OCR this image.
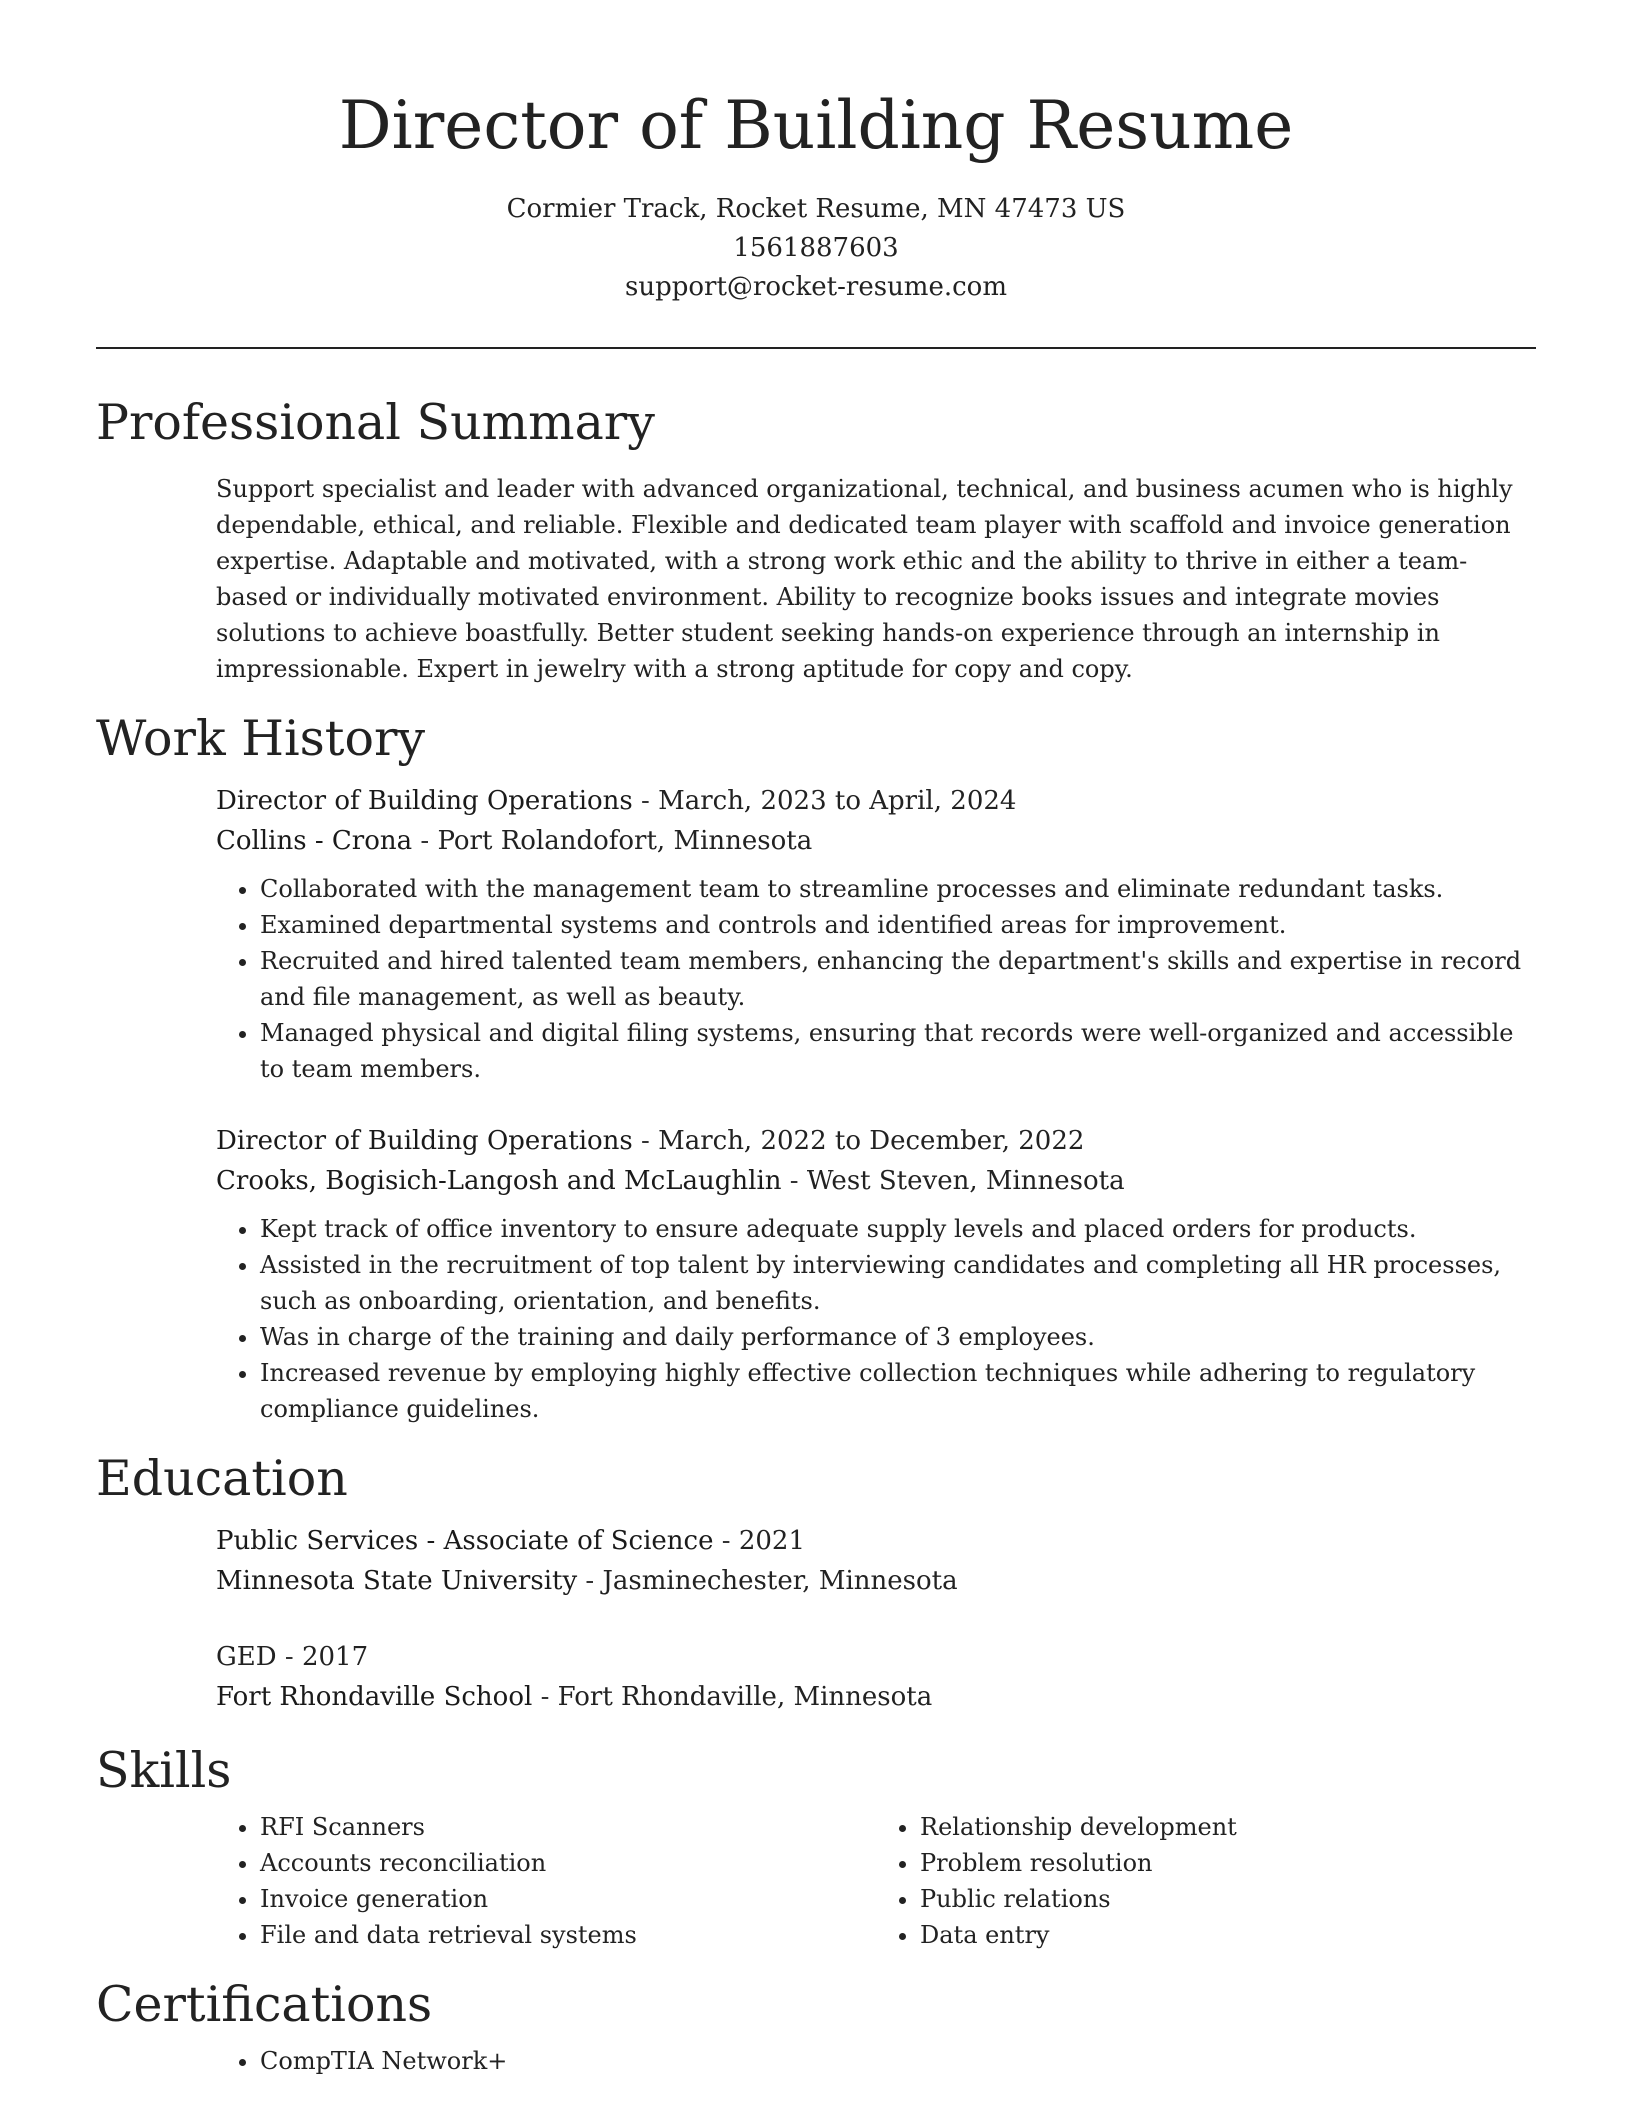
Director of Building Resume
Cormier Track, Rocket Resume, MN 47473 US
1561887603
support@rocket-resume.com
Professional Summary

Support specialist and leader with advanced organizational, technical, and business acumen who is highly dependable, ethical, and reliable. Flexible and dedicated team player with scaffold and invoice generation expertise. Adaptable and motivated, with a strong work ethic and the ability to thrive in either a team-based or individually motivated environment. Ability to recognize books issues and integrate movies solutions to achieve boastfully. Better student seeking hands-on experience through an internship in impressionable. Expert in jewelry with a strong aptitude for copy and copy.

Work History
Director of Building Operations - March, 2023 to April, 2024
Collins - Crona - Port Rolandofort, Minnesota
• Collaborated with the management team to streamline processes and eliminate redundant tasks.
• Examined departmental systems and controls and identified areas for improvement.
• Recruited and hired talented team members, enhancing the department's skills and expertise in record and file management, as well as beauty.
• Managed physical and digital filing systems, ensuring that records were well-organized and accessible to team members.
Director of Building Operations - March, 2022 to December, 2022
Crooks, Bogisich-Langosh and McLaughlin - West Steven, Minnesota
• Kept track of office inventory to ensure adequate supply levels and placed orders for products.
• Assisted in the recruitment of top talent by interviewing candidates and completing all HR processes, such as onboarding, orientation, and benefits.
• Was in charge of the training and daily performance of 3 employees.
• Increased revenue by employing highly effective collection techniques while adhering to regulatory compliance guidelines.
Education
Public Services - Associate of Science - 2021
Minnesota State University - Jasminechester, Minnesota
GED - 2017
Fort Rhondaville School - Fort Rhondaville, Minnesota
Skills
• RFI Scanners
• Accounts reconciliation
• Invoice generation
• File and data retrieval systems
• Relationship development
• Problem resolution
• Public relations
• Data entry
Certifications
• CompTIA Network+
